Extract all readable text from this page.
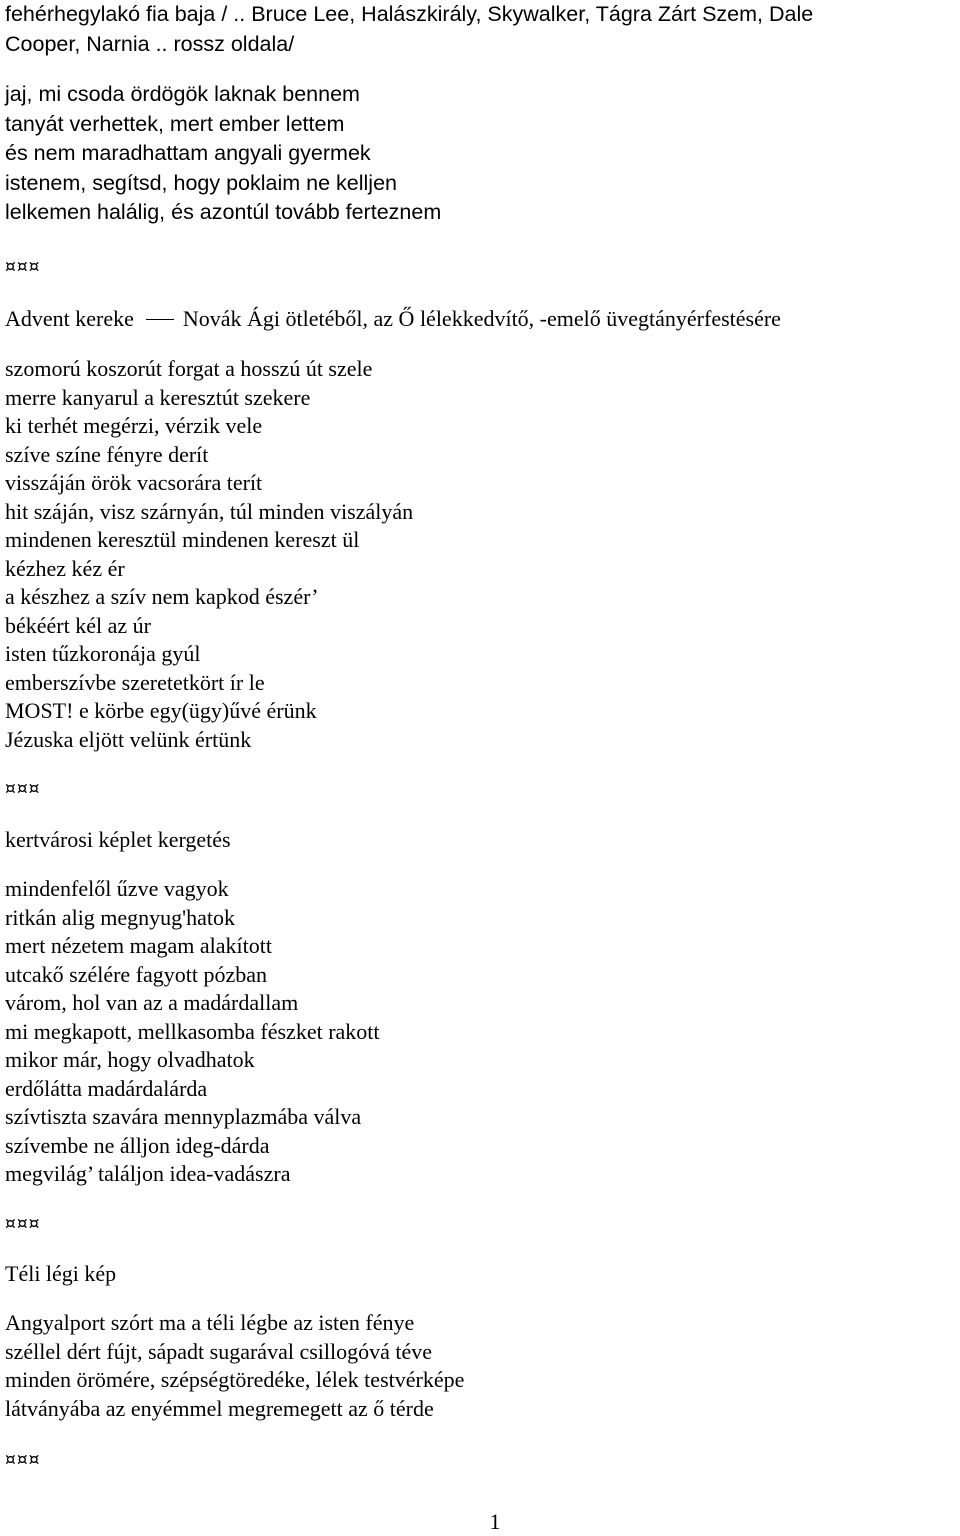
fehérhegylakó fia baja / .. Bruce Lee, Halászkirály, Skywalker, Tágra Zárt Szem, Dale
Cooper, Narnia .. rossz oldala/
jaj, mi csoda ördögök laknak bennem
tanyát verhettek, mert ember lettem
és nem maradhattam angyali gyermek
istenem, segítsd, hogy poklaim ne kelljen
lelkemen halálig, és azontúl tovább ferteznem
¤¤¤
Advent kereke Novák Ági ötletéből, az Ő lélekkedvítő, -emelő üvegtányérfestésére
szomorú koszorút forgat a hosszú út szele
merre kanyarul a keresztút szekere
ki terhét megérzi, vérzik vele
szíve színe fényre derít
visszáján örök vacsorára terít
hit száján, visz szárnyán, túl minden viszályán
mindenen keresztül mindenen kereszt ül
kézhez kéz ér
a készhez a szív nem kapkod észér’
békéért kél az úr
isten tűzkoronája gyúl
emberszívbe szeretetkört ír le
MOST! e körbe egy(ügy)űvé érünk
Jézuska eljött velünk értünk
¤¤¤
kertvárosi képlet kergetés
mindenfelől űzve vagyok
ritkán alig megnyug'hatok
mert nézetem magam alakított
utcakő szélére fagyott pózban
várom, hol van az a madárdallam
mi megkapott, mellkasomba fészket rakott
mikor már, hogy olvadhatok
erdőlátta madárdalárda
szívtiszta szavára mennyplazmába válva
szívembe ne álljon ideg-dárda
megvilág’ találjon idea-vadászra
¤¤¤
Téli légi kép
Angyalport szórt ma a téli légbe az isten fénye
széllel dért fújt, sápadt sugarával csillogóvá téve
minden örömére, szépségtöredéke, lélek testvérképe
látványába az enyémmel megremegett az ő térde
¤¤¤
1
